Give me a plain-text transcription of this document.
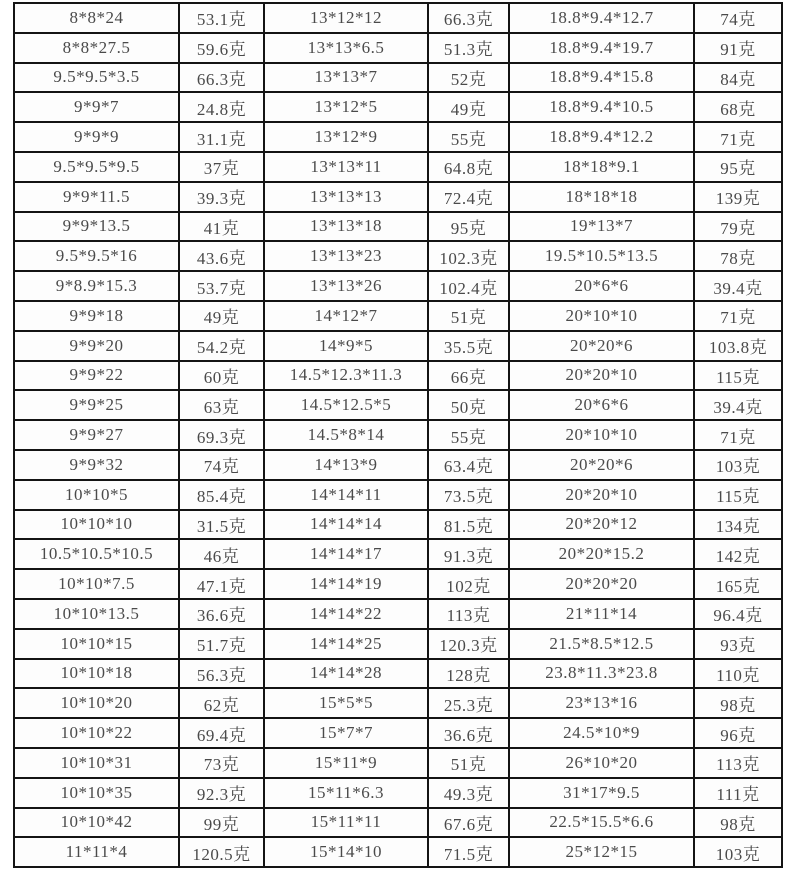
8*8*24	53.1克	13*12*12	66.3克	18.8*9.4*12.7	74克
8*8*27.5	59.6克	13*13*6.5	51.3克	18.8*9.4*19.7	91克
9.5*9.5*3.5	66.3克	13*13*7	52克	18.8*9.4*15.8	84克
9*9*7	24.8克	13*12*5	49克	18.8*9.4*10.5	68克
9*9*9	31.1克	13*12*9	55克	18.8*9.4*12.2	71克
9.5*9.5*9.5	37克	13*13*11	64.8克	18*18*9.1	95克
9*9*11.5	39.3克	13*13*13	72.4克	18*18*18	139克
9*9*13.5	41克	13*13*18	95克	19*13*7	79克
9.5*9.5*16	43.6克	13*13*23	102.3克	19.5*10.5*13.5	78克
9*8.9*15.3	53.7克	13*13*26	102.4克	20*6*6	39.4克
9*9*18	49克	14*12*7	51克	20*10*10	71克
9*9*20	54.2克	14*9*5	35.5克	20*20*6	103.8克
9*9*22	60克	14.5*12.3*11.3	66克	20*20*10	115克
9*9*25	63克	14.5*12.5*5	50克	20*6*6	39.4克
9*9*27	69.3克	14.5*8*14	55克	20*10*10	71克
9*9*32	74克	14*13*9	63.4克	20*20*6	103克
10*10*5	85.4克	14*14*11	73.5克	20*20*10	115克
10*10*10	31.5克	14*14*14	81.5克	20*20*12	134克
10.5*10.5*10.5	46克	14*14*17	91.3克	20*20*15.2	142克
10*10*7.5	47.1克	14*14*19	102克	20*20*20	165克
10*10*13.5	36.6克	14*14*22	113克	21*11*14	96.4克
10*10*15	51.7克	14*14*25	120.3克	21.5*8.5*12.5	93克
10*10*18	56.3克	14*14*28	128克	23.8*11.3*23.8	110克
10*10*20	62克	15*5*5	25.3克	23*13*16	98克
10*10*22	69.4克	15*7*7	36.6克	24.5*10*9	96克
10*10*31	73克	15*11*9	51克	26*10*20	113克
10*10*35	92.3克	15*11*6.3	49.3克	31*17*9.5	111克
10*10*42	99克	15*11*11	67.6克	22.5*15.5*6.6	98克
11*11*4	120.5克	15*14*10	71.5克	25*12*15	103克
